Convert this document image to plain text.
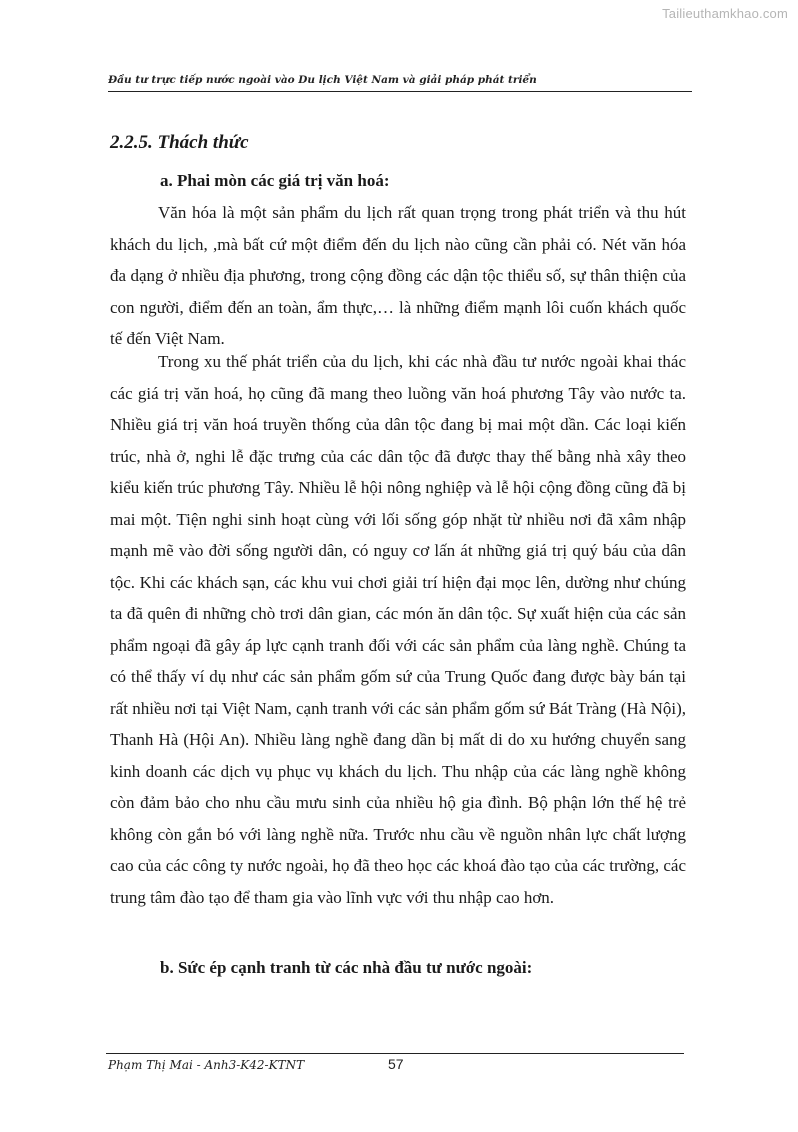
Tailieuthamkhao.com
Đầu tư trực tiếp nước ngoài vào Du lịch Việt Nam và giải pháp phát triển
2.2.5. Thách thức
a. Phai mòn các giá trị văn hoá:

Văn hóa là một sản phẩm du lịch rất quan trọng trong phát triển và thu hút khách du lịch, ,mà bất cứ một điểm đến du lịch nào cũng cần phải có. Nét văn hóa đa dạng ở nhiều địa phương, trong cộng đồng các dận tộc thiểu số, sự thân thiện của con người, điểm đến an toàn, ẩm thực,… là những điểm mạnh lôi cuốn khách quốc tế đến Việt Nam.

Trong xu thế phát triển của du lịch, khi các nhà đầu tư nước ngoài khai thác các giá trị văn hoá, họ cũng đã mang theo luồng văn hoá phương Tây vào nước ta. Nhiều giá trị văn hoá truyền thống của dân tộc đang bị mai một dần. Các loại kiến trúc, nhà ở, nghi lễ đặc trưng của các dân tộc đã được thay thế bằng nhà xây theo kiểu kiến trúc phương Tây. Nhiều lễ hội nông nghiệp và lễ hội cộng đồng cũng đã bị mai một. Tiện nghi sinh hoạt cùng với lối sống góp nhặt từ nhiều nơi đã xâm nhập mạnh mẽ vào đời sống người dân, có nguy cơ lấn át những giá trị quý báu của dân tộc. Khi các khách sạn, các khu vui chơi giải trí hiện đại mọc lên, dường như chúng ta đã quên đi những chò trơi dân gian, các món ăn dân tộc. Sự xuất hiện của các sản phẩm ngoại đã gây áp lực cạnh tranh đối với các sản phẩm của làng nghề. Chúng ta có thể thấy ví dụ như các sản phẩm gốm sứ của Trung Quốc đang được bày bán tại rất nhiều nơi tại Việt Nam, cạnh tranh với các sản phẩm gốm sứ Bát Tràng (Hà Nội), Thanh Hà (Hội An). Nhiều làng nghề đang dần bị mất di do xu hướng chuyển sang kinh doanh các dịch vụ phục vụ khách du lịch. Thu nhập của các làng nghề không còn đảm bảo cho nhu cầu mưu sinh của nhiều hộ gia đình. Bộ phận lớn thế hệ trẻ không còn gắn bó với làng nghề nữa. Trước nhu cầu về nguồn nhân lực chất lượng cao của các công ty nước ngoài, họ đã theo học các khoá đào tạo của các trường, các trung tâm đào tạo để tham gia vào lĩnh vực với thu nhập cao hơn.

b. Sức ép cạnh tranh từ các nhà đầu tư nước ngoài:
Phạm Thị Mai - Anh3-K42-KTNT	57
